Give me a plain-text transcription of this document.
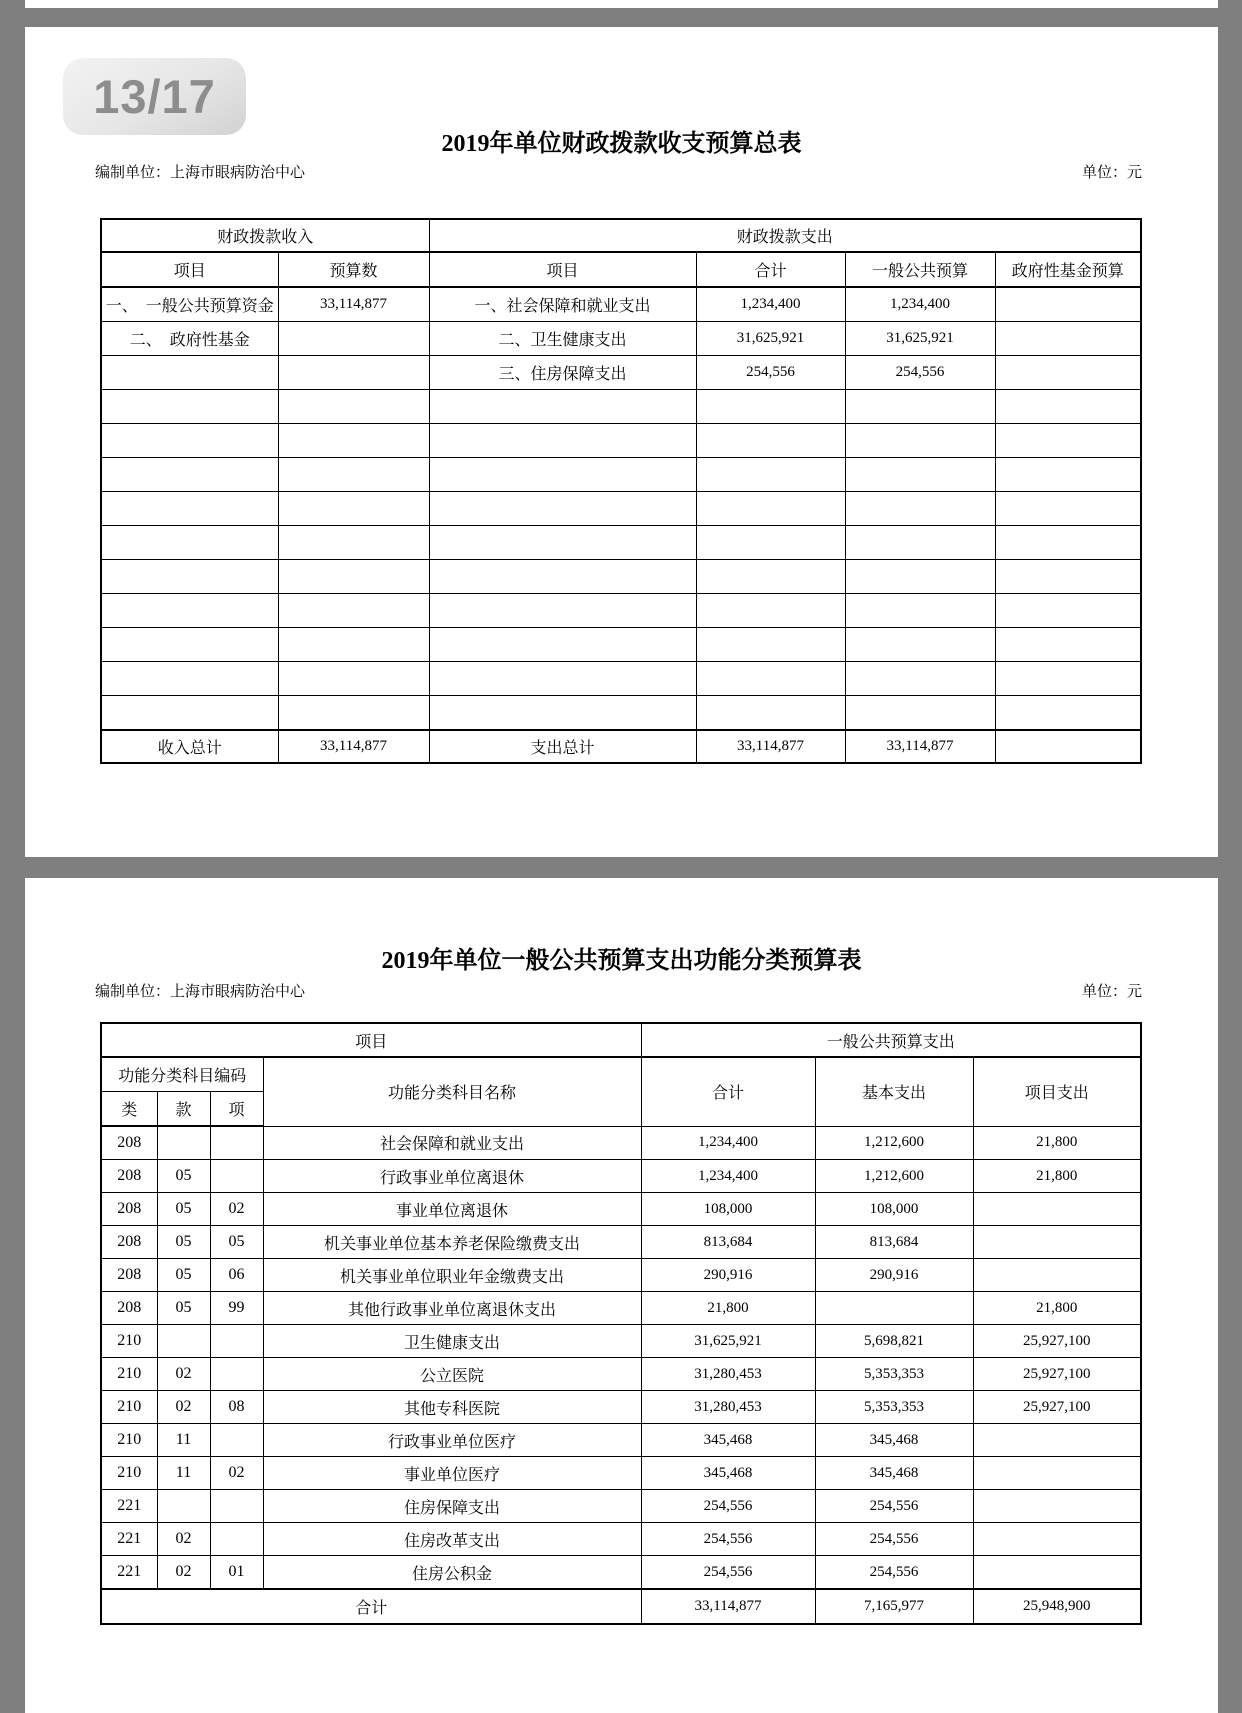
13/17
2019年单位财政拨款收支预算总表
编制单位：上海市眼病防治中心	单位：元
财政拨款收入		财政拨款支出			
项目	预算数	项目	合计	一般公共预算	政府性基金预算
一、　一般公共预算资金	33,114,877	一、社会保障和就业支出	1,234,400	1,234,400	
二、　政府性基金		二、卫生健康支出	31,625,921	31,625,921	
		三、住房保障支出	254,556	254,556	

收入总计	33,114,877	支出总计	33,114,877	33,114,877	
2019年单位一般公共预算支出功能分类预算表
编制单位：上海市眼病防治中心	单位：元
项目				一般公共预算支出		
功能分类科目编码			功能分类科目名称	合计	基本支出	项目支出
类	款	项				
208			社会保障和就业支出	1,234,400	1,212,600	21,800
208	05		行政事业单位离退休	1,234,400	1,212,600	21,800
208	05	02	事业单位离退休	108,000	108,000	
208	05	05	机关事业单位基本养老保险缴费支出	813,684	813,684	
208	05	06	机关事业单位职业年金缴费支出	290,916	290,916	
208	05	99	其他行政事业单位离退休支出	21,800		21,800
210			卫生健康支出	31,625,921	5,698,821	25,927,100
210	02		公立医院	31,280,453	5,353,353	25,927,100
210	02	08	其他专科医院	31,280,453	5,353,353	25,927,100
210	11		行政事业单位医疗	345,468	345,468	
210	11	02	事业单位医疗	345,468	345,468	
221			住房保障支出	254,556	254,556	
221	02		住房改革支出	254,556	254,556	
221	02	01	住房公积金	254,556	254,556	
合计				33,114,877	7,165,977	25,948,900
